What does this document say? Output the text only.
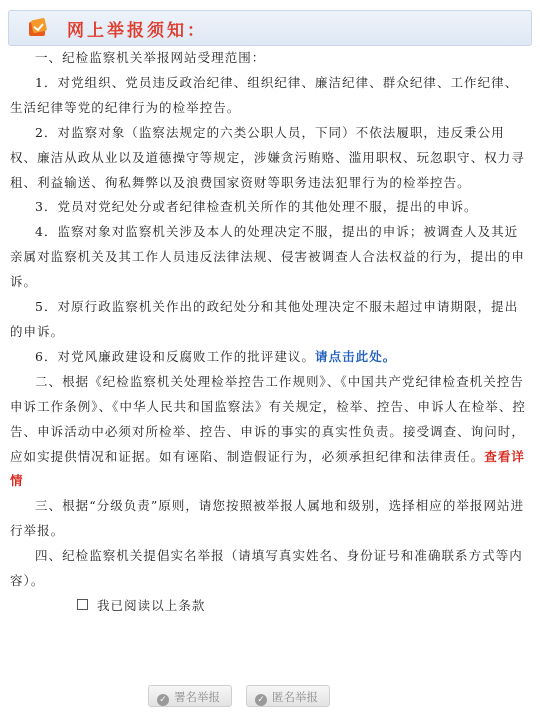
网上举报须知：

一、纪检监察机关举报网站受理范围：

1．对党组织、党员违反政治纪律、组织纪律、廉洁纪律、群众纪律、工作纪律、生活纪律等党的纪律行为的检举控告。

2．对监察对象（监察法规定的六类公职人员，下同）不依法履职，违反秉公用权、廉洁从政从业以及道德操守等规定，涉嫌贪污贿赂、滥用职权、玩忽职守、权力寻租、利益输送、徇私舞弊以及浪费国家资财等职务违法犯罪行为的检举控告。

3．党员对党纪处分或者纪律检查机关所作的其他处理不服，提出的申诉。

4．监察对象对监察机关涉及本人的处理决定不服，提出的申诉；被调查人及其近亲属对监察机关及其工作人员违反法律法规、侵害被调查人合法权益的行为，提出的申诉。

5．对原行政监察机关作出的政纪处分和其他处理决定不服未超过申请期限，提出的申诉。

6．对党风廉政建设和反腐败工作的批评建议。请点击此处。

二、根据《纪检监察机关处理检举控告工作规则》、《中国共产党纪律检查机关控告申诉工作条例》、《中华人民共和国监察法》有关规定，检举、控告、申诉人在检举、控告、申诉活动中必须对所检举、控告、申诉的事实的真实性负责。接受调查、询问时，应如实提供情况和证据。如有诬陷、制造假证行为，必须承担纪律和法律责任。查看详情

三、根据“分级负责”原则，请您按照被举报人属地和级别，选择相应的举报网站进行举报。

四、纪检监察机关提倡实名举报（请填写真实姓名、身份证号和准确联系方式等内容）。

我已阅读以上条款

✓ 署名举报	✓ 匿名举报
